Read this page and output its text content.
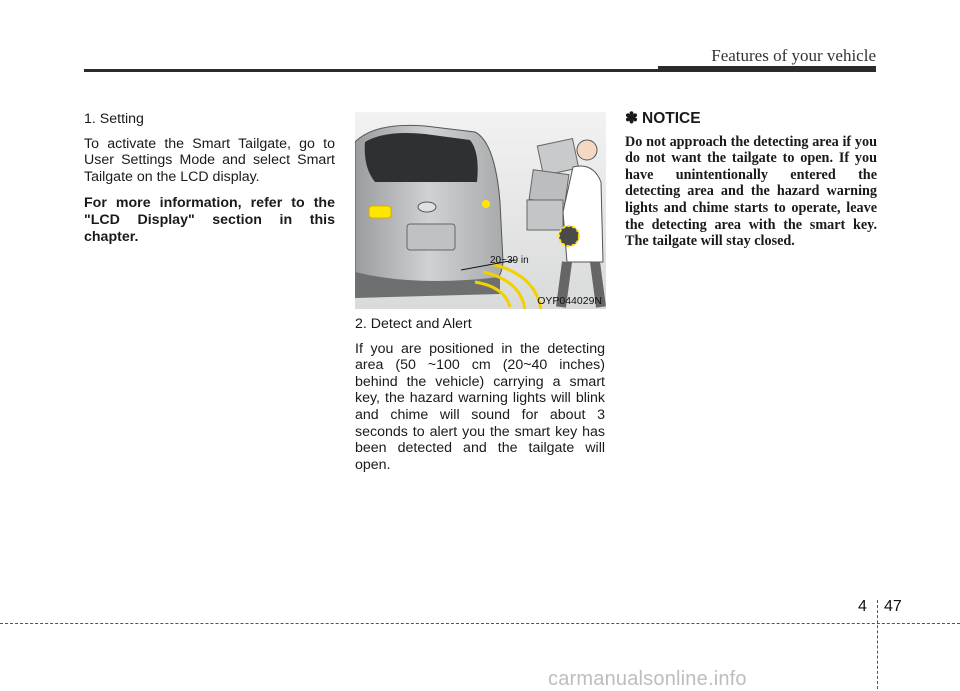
Features of your vehicle

1. Setting

To activate the Smart Tailgate, go to User Settings Mode and select Smart Tailgate on the LCD display.

For more information, refer to the "LCD Display" section in this chapter.

20~39 in
OYP044029N

2. Detect and Alert

If you are positioned in the detecting area (50 ~100 cm (20~40 inches) behind the vehicle) carrying a smart key, the hazard warning lights will blink and chime will sound for about 3 seconds to alert you the smart key has been detected and the tailgate will open.

✽ NOTICE

Do not approach the detecting area if you do not want the tailgate to open. If you have unintentionally entered the detecting area and the hazard warning lights and chime starts to operate, leave the detecting area with the smart key. The tailgate will stay closed.

4 47
carmanualsonline.info
